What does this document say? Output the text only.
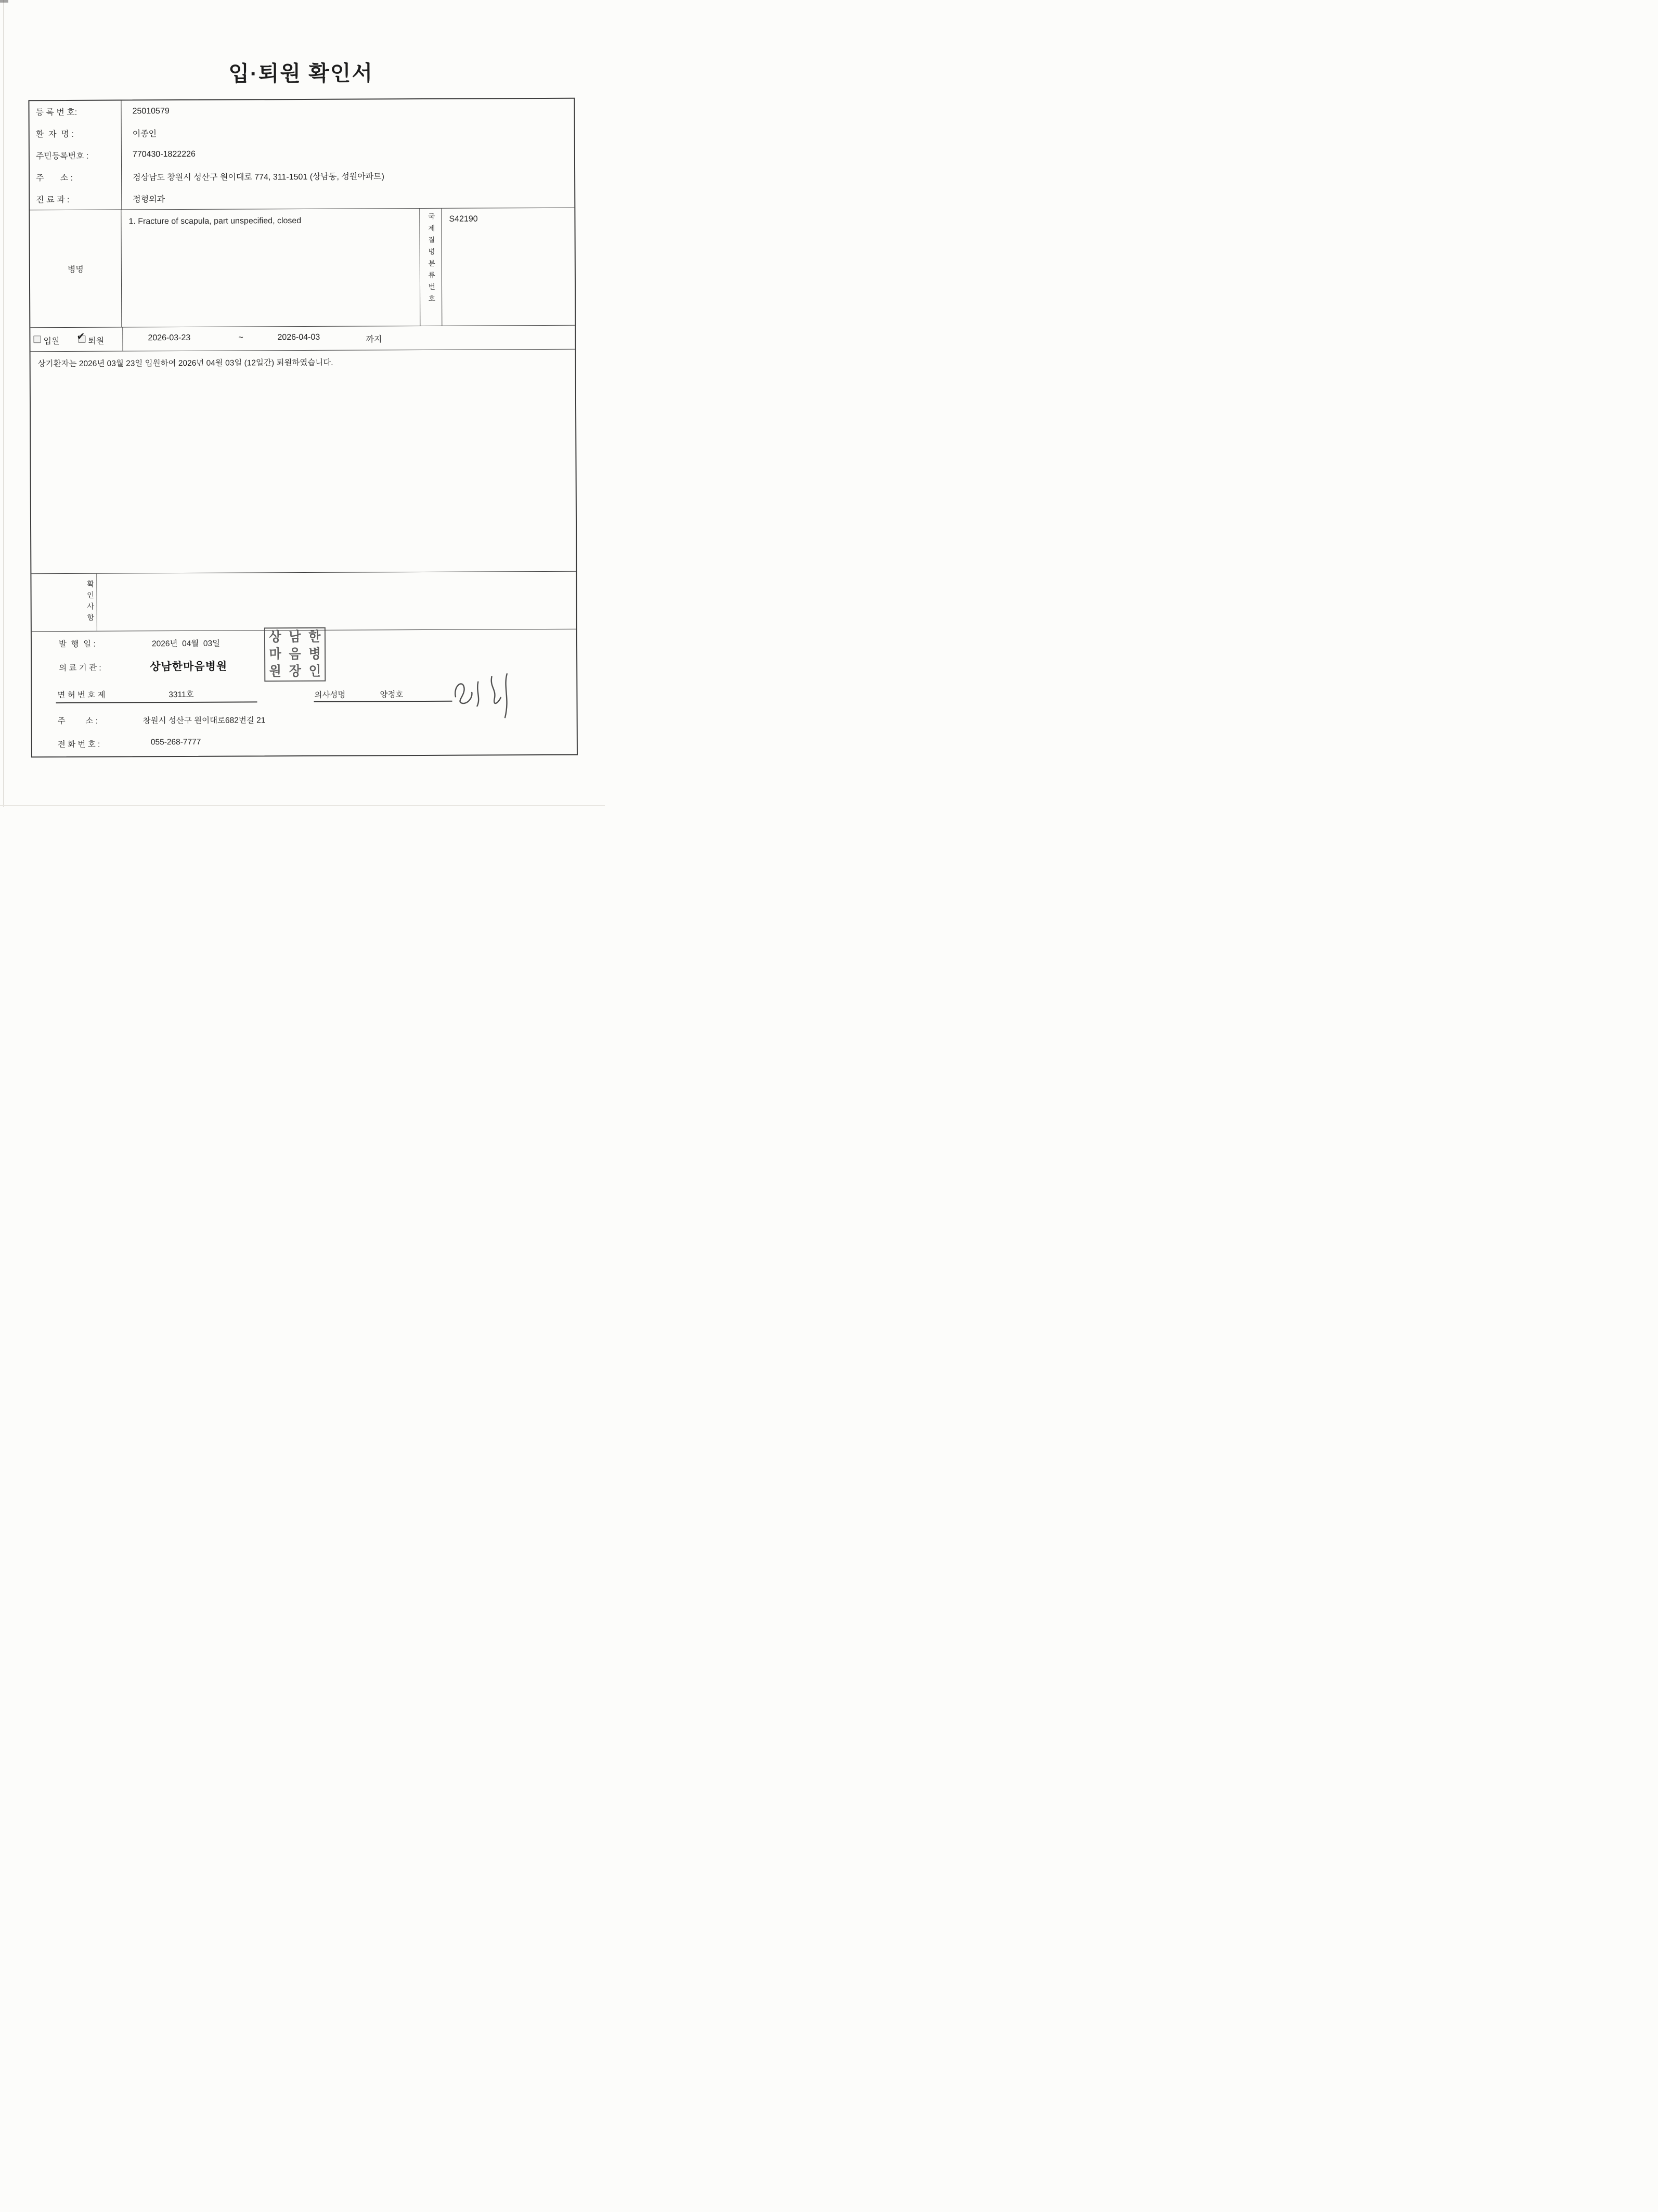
입·퇴원 확인서
등 록 번 호:	25010579
환  자  명 :	이종인
주민등록번호 :	770430-1822226
주       소 :	경상남도 창원시 성산구 원이대로 774, 311-1501 (상남동, 성원아파트)
진 료 과 :	정형외과
병명
1. Fracture of scapula, part unspecified, closed	국제질병분류번호	S42190
입원 ✔ 퇴원	2026-03-23	~	2026-04-03	까지
상기환자는 2026년 03월 23일 입원하여 2026년 04월 03일 (12일간) 퇴원하였습니다.
확인사항
발  행  일 :	2026년  04월  03일
의 료 기 관 :	상남한마음병원
상 남 한
마 음 병
원 장 인
면 허 번 호 제	3311호	의사성명	양정호
주         소 :	창원시 성산구 원이대로682번길 21
전 화 번 호 :	055-268-7777
